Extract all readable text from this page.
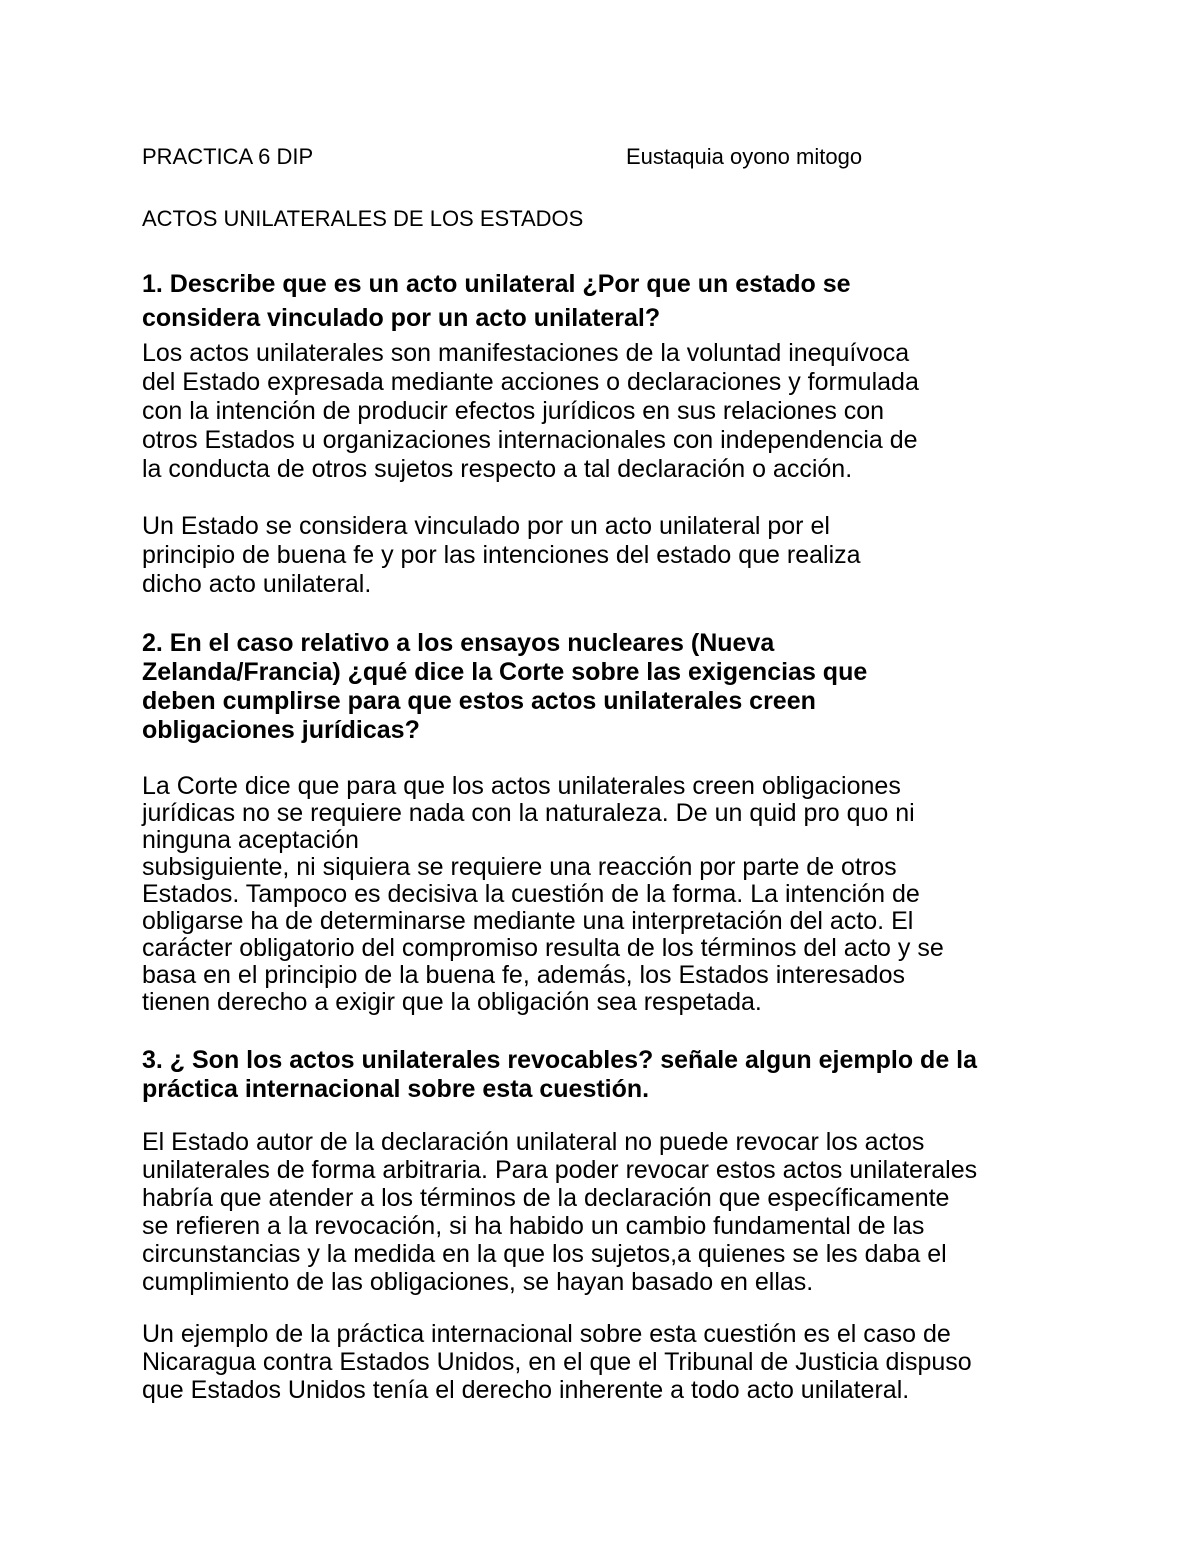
PRACTICA 6 DIP	Eustaquia oyono mitogo
ACTOS UNILATERALES DE LOS ESTADOS
1. Describe que es un acto unilateral ¿Por que un estado se
considera vinculado por un acto unilateral?
Los actos unilaterales son manifestaciones de la voluntad inequívoca
del Estado expresada mediante acciones o declaraciones y formulada
con la intención de producir efectos jurídicos en sus relaciones con
otros Estados u organizaciones internacionales con independencia de
la conducta de otros sujetos respecto a tal declaración o acción.
Un Estado se considera vinculado por un acto unilateral por el
principio de buena fe y por las intenciones del estado que realiza
dicho acto unilateral.
2. En el caso relativo a los ensayos nucleares (Nueva
Zelanda/Francia) ¿qué dice la Corte sobre las exigencias que
deben cumplirse para que estos actos unilaterales creen
obligaciones jurídicas?
La Corte dice que para que los actos unilaterales creen obligaciones
jurídicas no se requiere nada con la naturaleza. De un quid pro quo ni
ninguna aceptación
subsiguiente, ni siquiera se requiere una reacción por parte de otros
Estados. Tampoco es decisiva la cuestión de la forma. La intención de
obligarse ha de determinarse mediante una interpretación del acto. El
carácter obligatorio del compromiso resulta de los términos del acto y se
basa en el principio de la buena fe, además, los Estados interesados
tienen derecho a exigir que la obligación sea respetada.
3. ¿ Son los actos unilaterales revocables? señale algun ejemplo de la
práctica internacional sobre esta cuestión.
El Estado autor de la declaración unilateral no puede revocar los actos
unilaterales de forma arbitraria. Para poder revocar estos actos unilaterales
habría que atender a los términos de la declaración que específicamente
se refieren a la revocación, si ha habido un cambio fundamental de las
circunstancias y la medida en la que los sujetos,a quienes se les daba el
cumplimiento de las obligaciones, se hayan basado en ellas.
Un ejemplo de la práctica internacional sobre esta cuestión es el caso de
Nicaragua contra Estados Unidos, en el que el Tribunal de Justicia dispuso
que Estados Unidos tenía el derecho inherente a todo acto unilateral.
